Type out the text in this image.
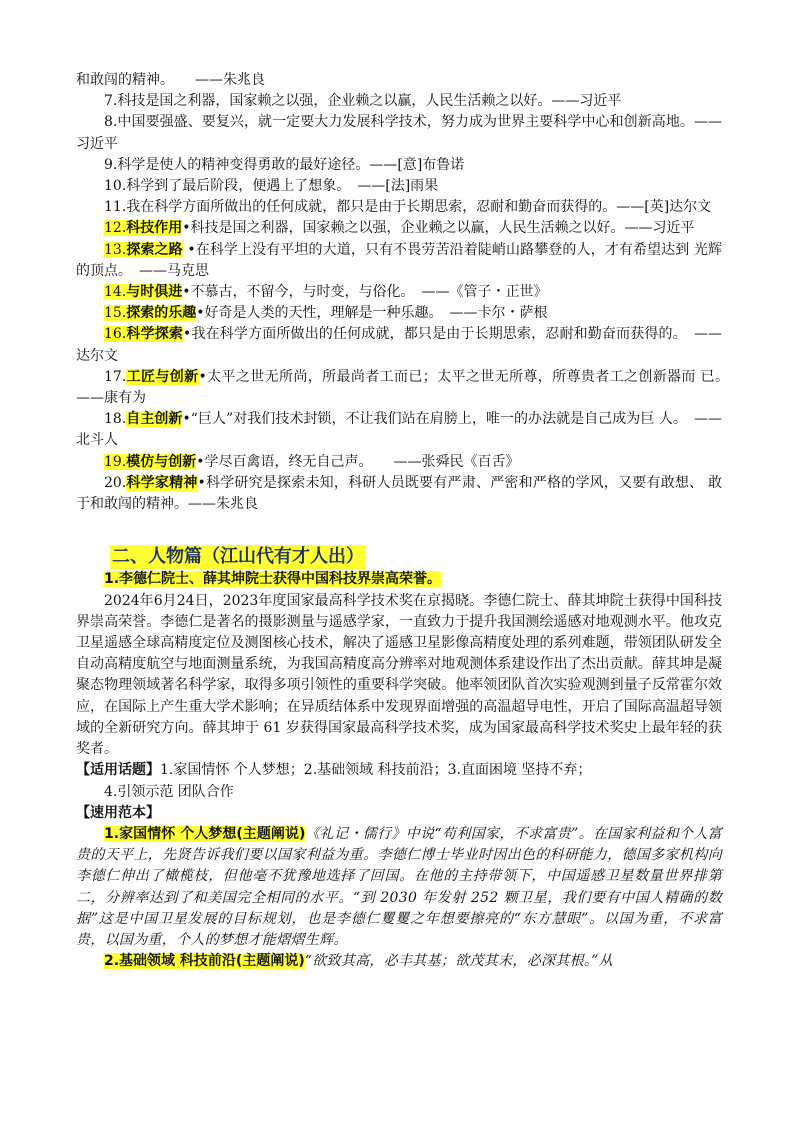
和敢闯的精神。　　——朱兆良

7.科技是国之利器，国家赖之以强，企业赖之以赢，人民生活赖之以好。——习近平

8.中国要强盛、要复兴，就一定要大力发展科学技术，努力成为世界主要科学中心和创新高地。——习近平

9.科学是使人的精神变得勇敢的最好途径。——[意]布鲁诺

10.科学到了最后阶段，便遇上了想象。　——[法]雨果

11.我在科学方面所做出的任何成就，都只是由于长期思索，忍耐和勤奋而获得的。——[英]达尔文

12.科技作用•科技是国之利器，国家赖之以强，企业赖之以赢，人民生活赖之以好。——习近平

13.探索之路 •在科学上没有平坦的大道，只有不畏劳苦沿着陡峭山路攀登的人，才有希望达到 光辉的顶点。　——马克思

14.与时俱进•不慕古，不留今，与时变，与俗化。　——《管子・正世》

15.探索的乐趣•好奇是人类的天性，理解是一种乐趣。　——卡尔・萨根

16.科学探索•我在科学方面所做出的任何成就，都只是由于长期思索，忍耐和勤奋而获得的。　——达尔文

17.工匠与创新•太平之世无所尚，所最尚者工而已；太平之世无所尊，所尊贵者工之创新器而 已。　——康有为

18.自主创新•“巨人”对我们技术封锁，不让我们站在肩膀上，唯一的办法就是自己成为巨 人。　——北斗人

19.模仿与创新•学尽百禽语，终无自己声。　　——张舜民《百舌》

20.科学家精神•科学研究是探索未知，科研人员既要有严肃、严密和严格的学风，又要有敢想、 敢于和敢闯的精神。——朱兆良

二、人物篇（江山代有才人出）

1.李德仁院士、薛其坤院士获得中国科技界崇高荣誉。

2024年6月24日，2023年度国家最高科学技术奖在京揭晓。李德仁院士、薛其坤院士获得中国科技界崇高荣誉。李德仁是著名的摄影测量与遥感学家，一直致力于提升我国测绘遥感对地观测水平。他攻克卫星遥感全球高精度定位及测图核心技术，解决了遥感卫星影像高精度处理的系列难题，带领团队研发全自动高精度航空与地面测量系统，为我国高精度高分辨率对地观测体系建设作出了杰出贡献。薛其坤是凝聚态物理领域著名科学家，取得多项引领性的重要科学突破。他率领团队首次实验观测到量子反常霍尔效应，在国际上产生重大学术影响；在异质结体系中发现界面增强的高温超导电性，开启了国际高温超导领域的全新研究方向。薛其坤于 61 岁获得国家最高科学技术奖，成为国家最高科学技术奖史上最年轻的获奖者。

【适用话题】1.家国情怀 个人梦想；2.基础领域 科技前沿；3.直面困境 坚持不弃；

4.引领示范 团队合作

【速用范本】

1.家国情怀 个人梦想(主题阐说)《礼记・儒行》中说“苟利国家，不求富贵”。在国家利益和个人富贵的天平上，先贤告诉我们要以国家利益为重。李德仁博士毕业时因出色的科研能力，德国多家机构向李德仁伸出了橄榄枝，但他毫不犹豫地选择了回国。在他的主持带领下，中国遥感卫星数量世界排第二，分辨率达到了和美国完全相同的水平。“到 2030 年发射 252 颗卫星，我们要有中国人精确的数据”这是中国卫星发展的目标规划，也是李德仁矍矍之年想要擦亮的“东方慧眼”。以国为重，不求富贵，以国为重，个人的梦想才能熠熠生辉。

2.基础领域 科技前沿(主题阐说)“欲致其高，必丰其基；欲茂其末，必深其根。”从
